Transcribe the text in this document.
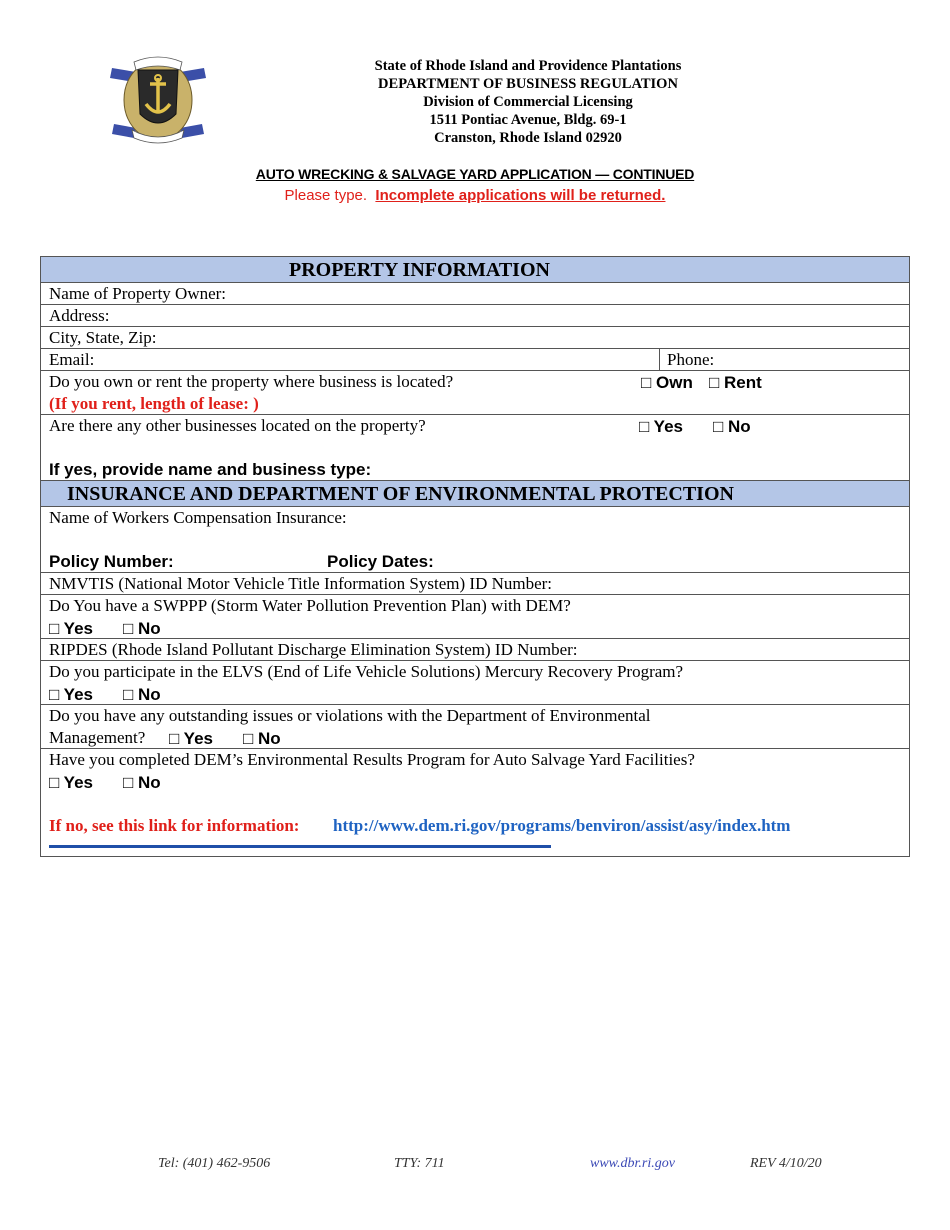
State of Rhode Island and Providence Plantations
DEPARTMENT OF BUSINESS REGULATION
Division of Commercial Licensing
1511 Pontiac Avenue, Bldg. 69-1
Cranston, Rhode Island 02920
AUTO WRECKING & SALVAGE YARD APPLICATION — CONTINUED
Please type. Incomplete applications will be returned.
PROPERTY INFORMATION
Name of Property Owner:
Address:
City, State, Zip:
Email:	Phone:
Do you own or rent the property where business is located?	□ Own □ Rent
(If you rent, length of lease: )
Are there any other businesses located on the property?	□ Yes □ No
If yes, provide name and business type:
INSURANCE AND DEPARTMENT OF ENVIRONMENTAL PROTECTION
Name of Workers Compensation Insurance:
Policy Number:	Policy Dates:
NMVTIS (National Motor Vehicle Title Information System) ID Number:
Do You have a SWPPP (Storm Water Pollution Prevention Plan) with DEM?
□ Yes □ No
RIPDES (Rhode Island Pollutant Discharge Elimination System) ID Number:
Do you participate in the ELVS (End of Life Vehicle Solutions) Mercury Recovery Program?
□ Yes □ No
Do you have any outstanding issues or violations with the Department of Environmental
Management? □ Yes □ No
Have you completed DEM’s Environmental Results Program for Auto Salvage Yard Facilities?
□ Yes □ No
If no, see this link for information: http://www.dem.ri.gov/programs/benviron/assist/asy/index.htm
Tel: (401) 462-9506	TTY: 711	www.dbr.ri.gov	REV 4/10/20
